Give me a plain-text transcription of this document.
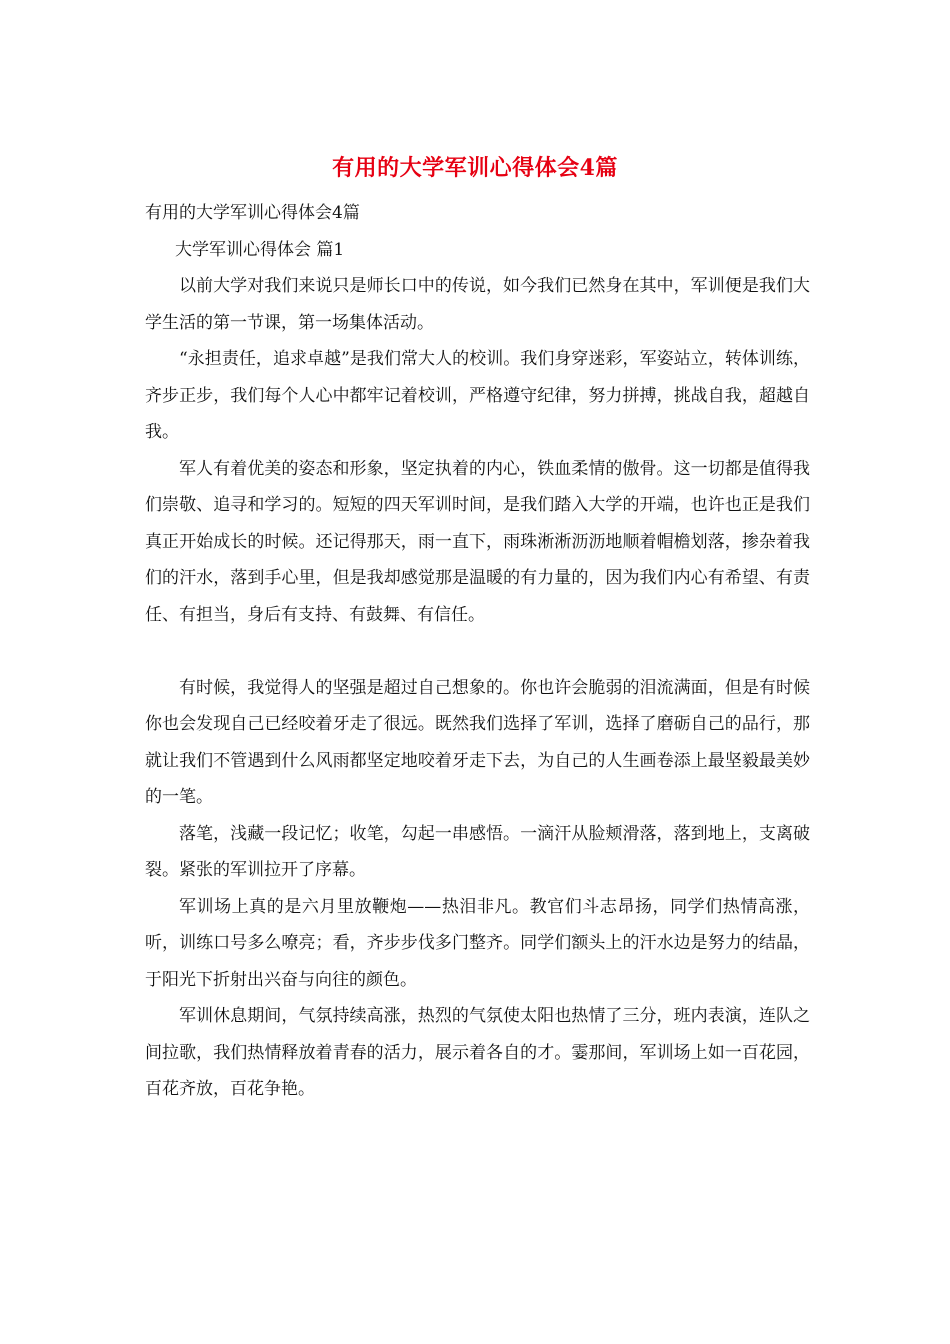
有用的大学军训心得体会4篇

有用的大学军训心得体会4篇

大学军训心得体会 篇1

以前大学对我们来说只是师长口中的传说，如今我们已然身在其中，军训便是我们大学生活的第一节课，第一场集体活动。

“永担责任，追求卓越”是我们常大人的校训。我们身穿迷彩，军姿站立，转体训练，齐步正步，我们每个人心中都牢记着校训，严格遵守纪律，努力拼搏，挑战自我，超越自我。

军人有着优美的姿态和形象，坚定执着的内心，铁血柔情的傲骨。这一切都是值得我们崇敬、追寻和学习的。短短的四天军训时间，是我们踏入大学的开端，也许也正是我们真正开始成长的时候。还记得那天，雨一直下，雨珠淅淅沥沥地顺着帽檐划落，掺杂着我们的汗水，落到手心里，但是我却感觉那是温暖的有力量的，因为我们内心有希望、有责任、有担当，身后有支持、有鼓舞、有信任。

有时候，我觉得人的坚强是超过自己想象的。你也许会脆弱的泪流满面，但是有时候你也会发现自己已经咬着牙走了很远。既然我们选择了军训，选择了磨砺自己的品行，那就让我们不管遇到什么风雨都坚定地咬着牙走下去，为自己的人生画卷添上最坚毅最美妙的一笔。

落笔，浅藏一段记忆；收笔，勾起一串感悟。一滴汗从脸颊滑落，落到地上，支离破裂。紧张的军训拉开了序幕。

军训场上真的是六月里放鞭炮——热泪非凡。教官们斗志昂扬，同学们热情高涨，听，训练口号多么嘹亮；看，齐步步伐多门整齐。同学们额头上的汗水边是努力的结晶，于阳光下折射出兴奋与向往的颜色。

军训休息期间，气氛持续高涨，热烈的气氛使太阳也热情了三分，班内表演，连队之间拉歌，我们热情释放着青春的活力，展示着各自的才。霎那间，军训场上如一百花园，百花齐放，百花争艳。
